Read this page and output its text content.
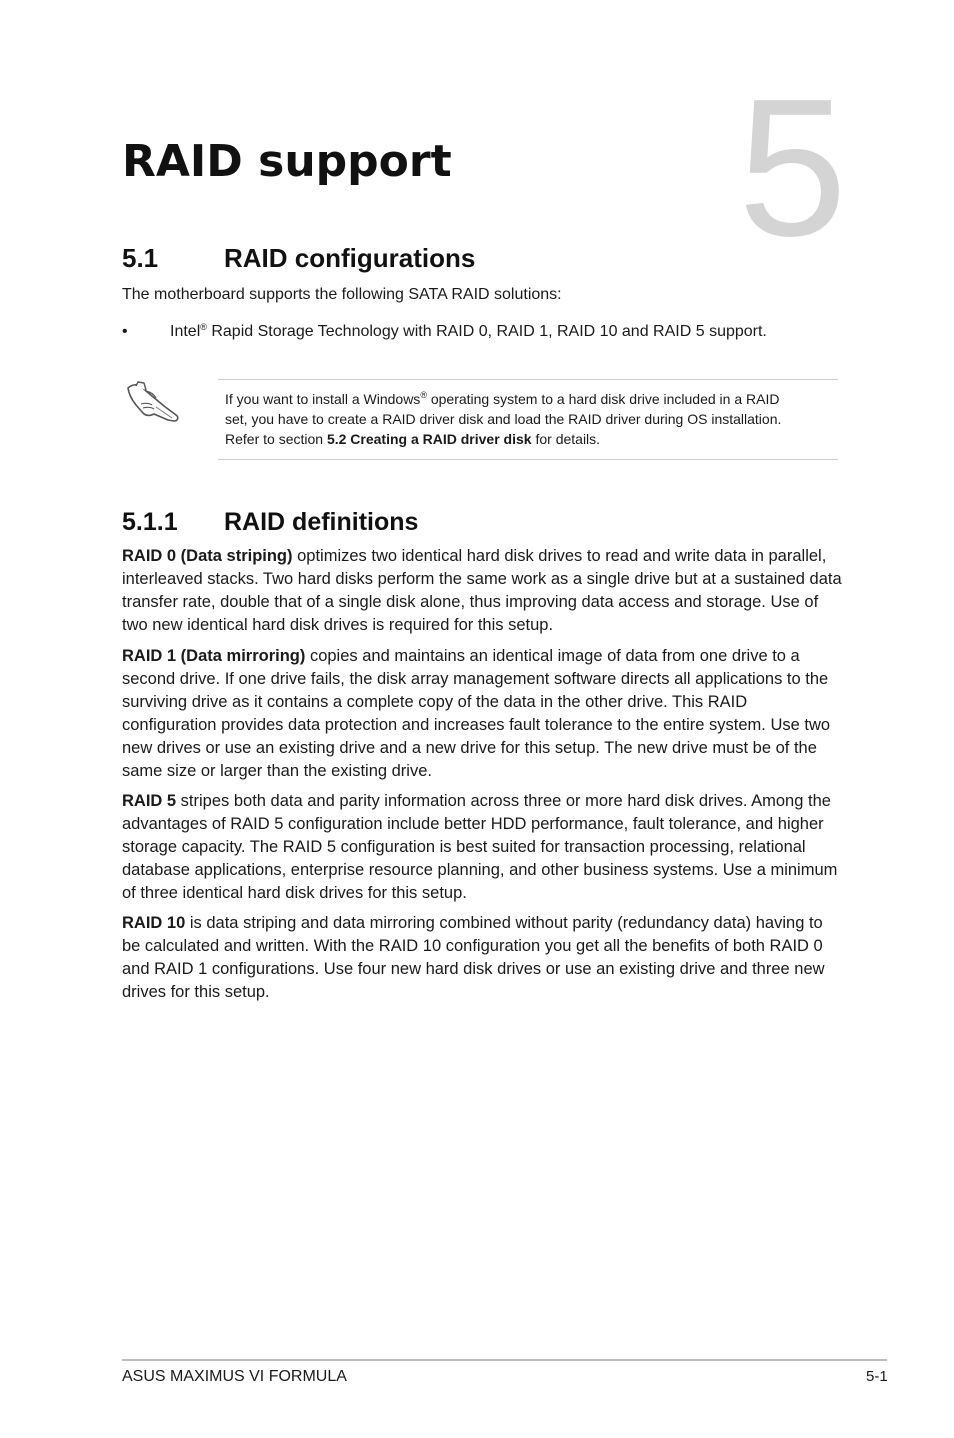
5
RAID support
5.1	RAID configurations
The motherboard supports the following SATA RAID solutions:
•	Intel® Rapid Storage Technology with RAID 0, RAID 1, RAID 10 and RAID 5 support.
If you want to install a Windows® operating system to a hard disk drive included in a RAID
set, you have to create a RAID driver disk and load the RAID driver during OS installation.
Refer to section 5.2 Creating a RAID driver disk for details.
5.1.1 RAID definitions

RAID 0 (Data striping) optimizes two identical hard disk drives to read and write data in parallel, interleaved stacks. Two hard disks perform the same work as a single drive but at a sustained data transfer rate, double that of a single disk alone, thus improving data access and storage. Use of two new identical hard disk drives is required for this setup.

RAID 1 (Data mirroring) copies and maintains an identical image of data from one drive to a second drive. If one drive fails, the disk array management software directs all applications to the surviving drive as it contains a complete copy of the data in the other drive. This RAID configuration provides data protection and increases fault tolerance to the entire system. Use two new drives or use an existing drive and a new drive for this setup. The new drive must be of the same size or larger than the existing drive.

RAID 5 stripes both data and parity information across three or more hard disk drives. Among the advantages of RAID 5 configuration include better HDD performance, fault tolerance, and higher storage capacity. The RAID 5 configuration is best suited for transaction processing, relational database applications, enterprise resource planning, and other business systems. Use a minimum of three identical hard disk drives for this setup.

RAID 10 is data striping and data mirroring combined without parity (redundancy data) having to be calculated and written. With the RAID 10 configuration you get all the benefits of both RAID 0 and RAID 1 configurations. Use four new hard disk drives or use an existing drive and three new drives for this setup.

ASUS MAXIMUS VI FORMULA	5-1
